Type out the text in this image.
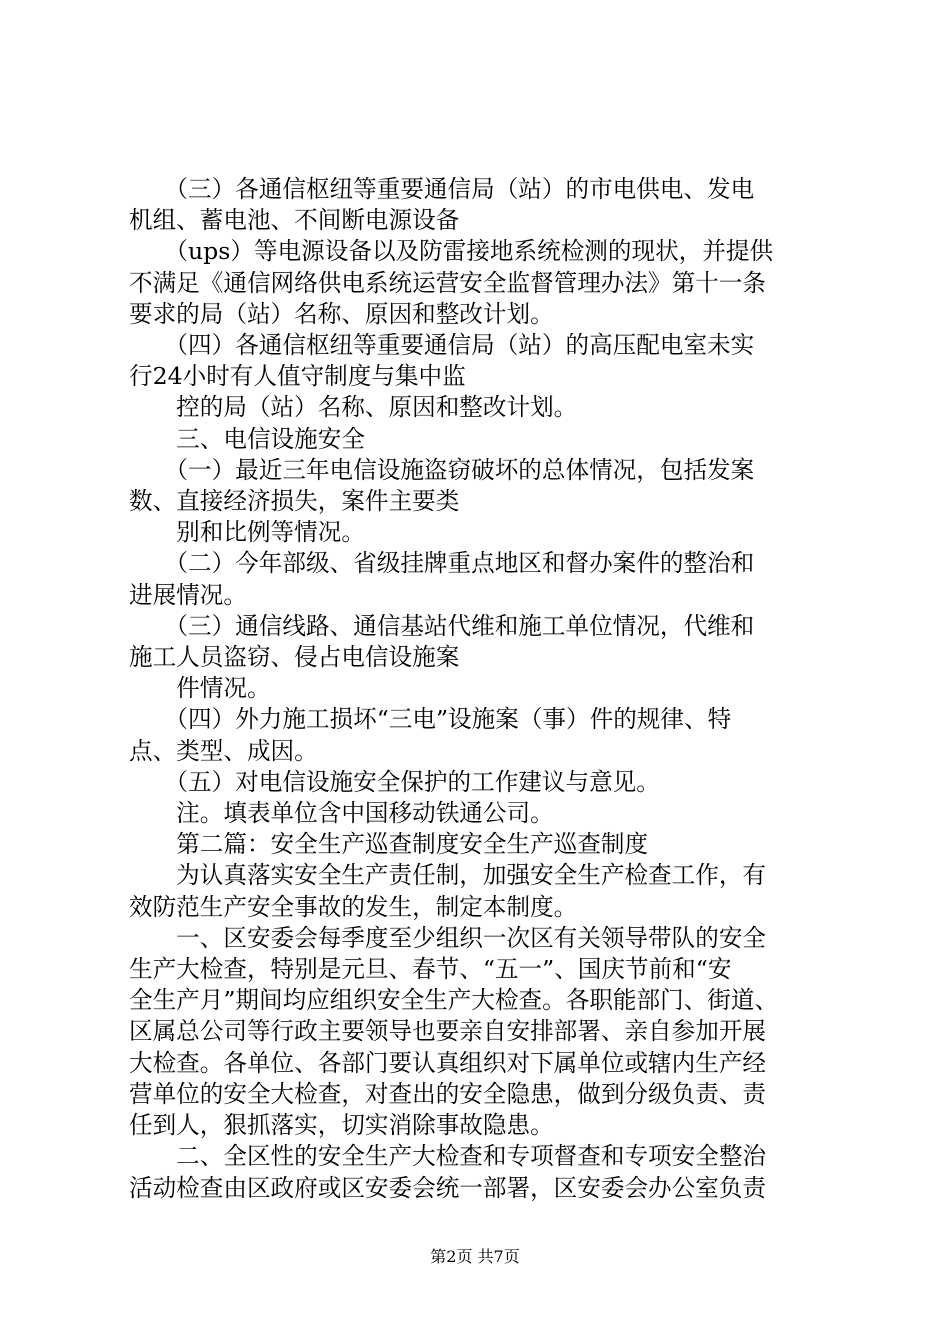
　　（三）各通信枢纽等重要通信局（站）的市电供电、发电

机组、蓄电池、不间断电源设备

　　（ups）等电源设备以及防雷接地系统检测的现状，并提供

不满足《通信网络供电系统运营安全监督管理办法》第十一条

要求的局（站）名称、原因和整改计划。

　　（四）各通信枢纽等重要通信局（站）的高压配电室未实

行24小时有人值守制度与集中监

　　控的局（站）名称、原因和整改计划。

　　三、电信设施安全

　　（一）最近三年电信设施盗窃破坏的总体情况，包括发案

数、直接经济损失，案件主要类

　　别和比例等情况。

　　（二）今年部级、省级挂牌重点地区和督办案件的整治和

进展情况。

　　（三）通信线路、通信基站代维和施工单位情况，代维和

施工人员盗窃、侵占电信设施案

　　件情况。

　　（四）外力施工损坏“三电”设施案（事）件的规律、特

点、类型、成因。

　　（五）对电信设施安全保护的工作建议与意见。

　　注。填表单位含中国移动铁通公司。

　　第二篇：安全生产巡查制度安全生产巡查制度

　　为认真落实安全生产责任制，加强安全生产检查工作，有

效防范生产安全事故的发生，制定本制度。

　　一、区安委会每季度至少组织一次区有关领导带队的安全

生产大检查，特别是元旦、春节、“五一”、国庆节前和“安

全生产月”期间均应组织安全生产大检查。各职能部门、街道、

区属总公司等行政主要领导也要亲自安排部署、亲自参加开展

大检查。各单位、各部门要认真组织对下属单位或辖内生产经

营单位的安全大检查，对查出的安全隐患，做到分级负责、责

任到人，狠抓落实，切实消除事故隐患。

　　二、全区性的安全生产大检查和专项督查和专项安全整治

活动检查由区政府或区安委会统一部署，区安委会办公室负责

第2页 共7页
